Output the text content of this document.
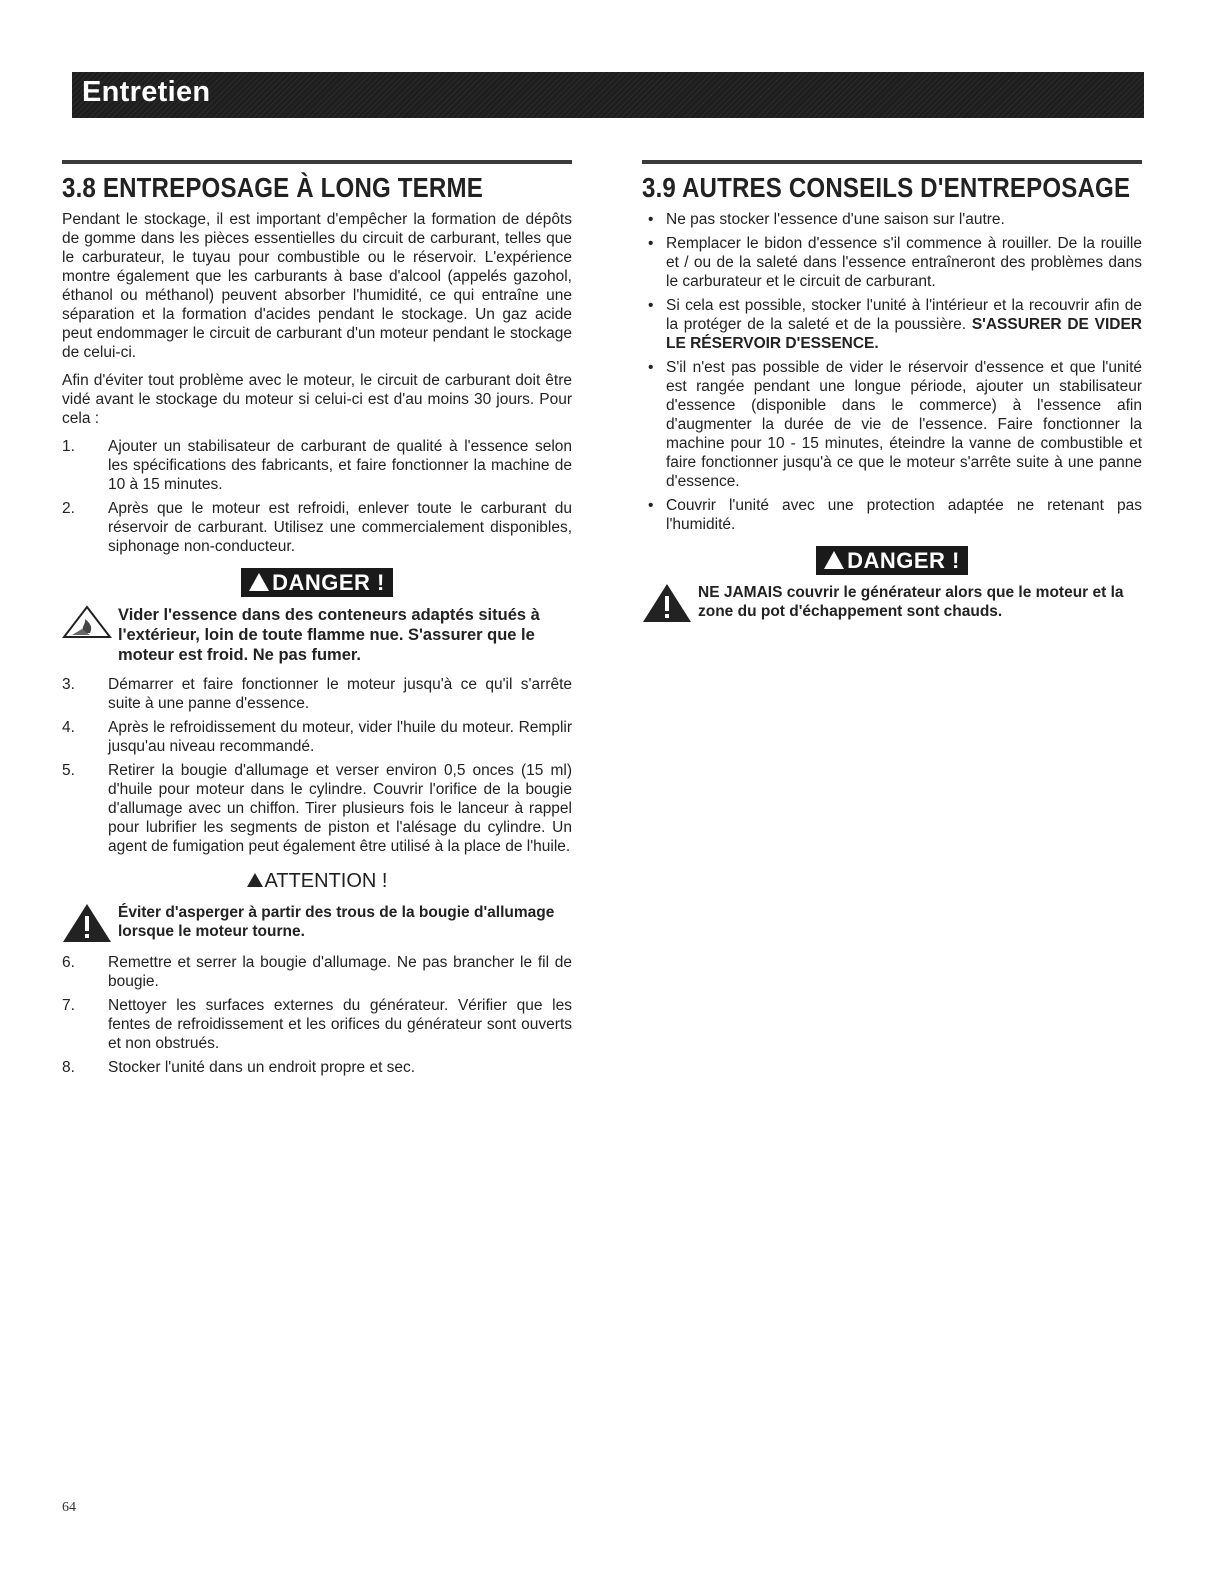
Entretien
3.8 ENTREPOSAGE À LONG TERME

Pendant le stockage, il est important d'empêcher la formation de dépôts de gomme dans les pièces essentielles du circuit de carburant, telles que le carburateur, le tuyau pour combustible ou le réservoir. L'expérience montre également que les carburants à base d'alcool (appelés gazohol, éthanol ou méthanol) peuvent absorber l'humidité, ce qui entraîne une séparation et la formation d'acides pendant le stockage. Un gaz acide peut endommager le circuit de carburant d'un moteur pendant le stockage de celui-ci.

Afin d'éviter tout problème avec le moteur, le circuit de carburant doit être vidé avant le stockage du moteur si celui-ci est d'au moins 30 jours. Pour cela :

1.	Ajouter un stabilisateur de carburant de qualité à l'essence selon les spécifications des fabricants, et faire fonctionner la machine de 10 à 15 minutes.
2.	Après que le moteur est refroidi, enlever toute le carburant du réservoir de carburant. Utilisez une commercialement disponibles, siphonage non-conducteur.
DANGER !
Vider l'essence dans des conteneurs adaptés situés à l'extérieur, loin de toute flamme nue. S'assurer que le moteur est froid. Ne pas fumer.
3.	Démarrer et faire fonctionner le moteur jusqu'à ce qu'il s'arrête suite à une panne d'essence.
4.	Après le refroidissement du moteur, vider l'huile du moteur. Remplir jusqu'au niveau recommandé.
5.	Retirer la bougie d'allumage et verser environ 0,5 onces (15 ml) d'huile pour moteur dans le cylindre. Couvrir l'orifice de la bougie d'allumage avec un chiffon. Tirer plusieurs fois le lanceur à rappel pour lubrifier les segments de piston et l'alésage du cylindre. Un agent de fumigation peut également être utilisé à la place de l'huile.
ATTENTION !
Éviter d'asperger à partir des trous de la bougie d'allumage lorsque le moteur tourne.
6.	Remettre et serrer la bougie d'allumage. Ne pas brancher le fil de bougie.
7.	Nettoyer les surfaces externes du générateur. Vérifier que les fentes de refroidissement et les orifices du générateur sont ouverts et non obstrués.
8.	Stocker l'unité dans un endroit propre et sec.
3.9 AUTRES CONSEILS D'ENTREPOSAGE
• Ne pas stocker l'essence d'une saison sur l'autre.
• Remplacer le bidon d'essence s'il commence à rouiller. De la rouille et / ou de la saleté dans l'essence entraîneront des problèmes dans le carburateur et le circuit de carburant.
• Si cela est possible, stocker l'unité à l'intérieur et la recouvrir afin de la protéger de la saleté et de la poussière. S'ASSURER DE VIDER LE RÉSERVOIR D'ESSENCE.
• S'il n'est pas possible de vider le réservoir d'essence et que l'unité est rangée pendant une longue période, ajouter un stabilisateur d'essence (disponible dans le commerce) à l'essence afin d'augmenter la durée de vie de l'essence. Faire fonctionner la machine pour 10 - 15 minutes, éteindre la vanne de combustible et faire fonctionner jusqu'à ce que le moteur s'arrête suite à une panne d'essence.
• Couvrir l'unité avec une protection adaptée ne retenant pas l'humidité.
DANGER !
NE JAMAIS couvrir le générateur alors que le moteur et la zone du pot d'échappement sont chauds.
64
